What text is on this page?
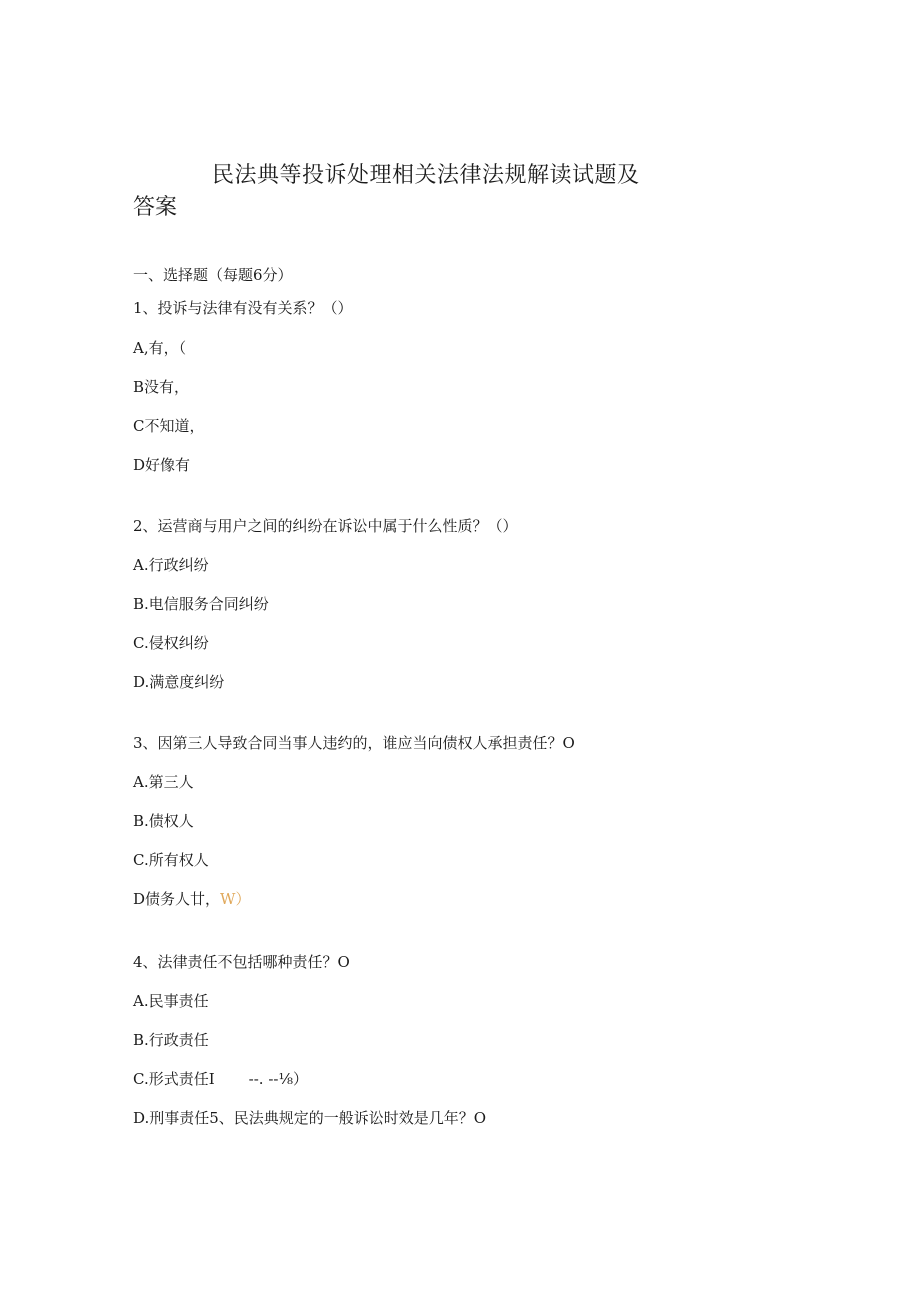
民法典等投诉处理相关法律法规解读试题及
答案
一、选择题（每题6分）
1、投诉与法律有没有关系？（）
A,有，（
B没有，
C不知道，
D好像有
2、运营商与用户之间的纠纷在诉讼中属于什么性质？（）
A.行政纠纷
B.电信服务合同纠纷
C.侵权纠纷
D.满意度纠纷
3、因第三人导致合同当事人违约的，谁应当向债权人承担责任？O
A.第三人
B.债权人
C.所有权人
D债务人廿，W）
4、法律责任不包括哪种责任？O
A.民事责任
B.行政责任
C.形式责任I --. --⅛）
D.刑事责任5、民法典规定的一般诉讼时效是几年？O
